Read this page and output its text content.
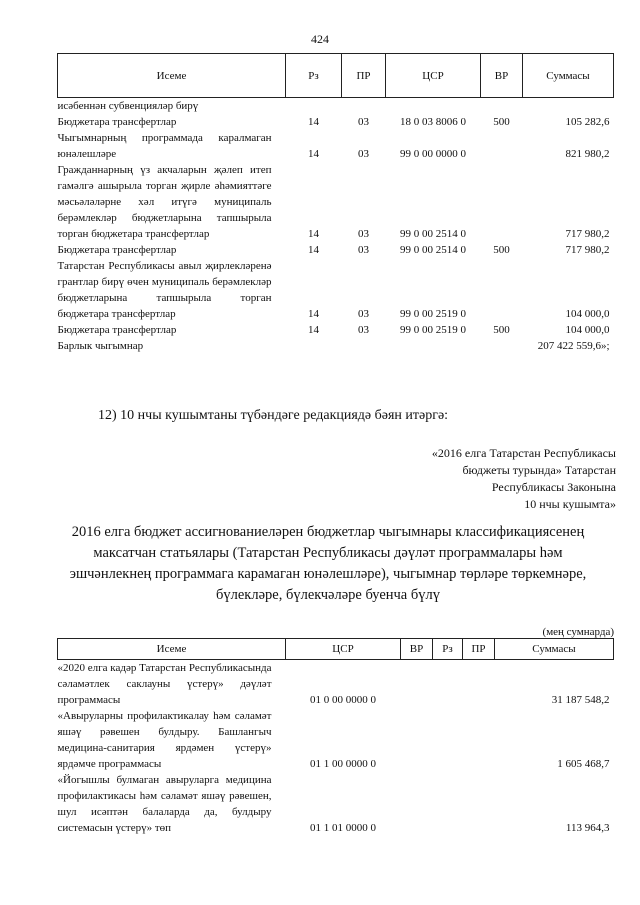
424
Исеме	Рз	ПР	ЦСР	ВР	Суммасы
исәбеннән субвенцияләр бирү					
Бюджетара трансфертлар	14	03	18 0 03 8006 0	500	105 282,6
Чыгымнарның программада каралмаган юнәлешләре	14	03	99 0 00 0000 0		821 980,2
Гражданнарның үз акчаларын җәлеп итеп гамәлгә ашырыла торган җирле әһәмияттәге мәсьәләләрне хәл итүгә муниципаль берәмлекләр бюджетларына тапшырыла торган бюджетара трансфертлар	14	03	99 0 00 2514 0		717 980,2
Бюджетара трансфертлар	14	03	99 0 00 2514 0	500	717 980,2
Татарстан Республикасы авыл җирлекләренә грантлар бирү өчен муниципаль берәмлекләр бюджетларына тапшырыла торган бюджетара трансфертлар	14	03	99 0 00 2519 0		104 000,0
Бюджетара трансфертлар	14	03	99 0 00 2519 0	500	104 000,0
Барлык чыгымнар					207 422 559,6»;
12) 10 нчы кушымтаны түбәндәге редакциядә бәян итәргә:
«2016 елга Татарстан Республикасы
бюджеты турында» Татарстан
Республикасы Законына
10 нчы кушымта»
2016 елга бюджет ассигнованиеләрен бюджетлар чыгымнары классификациясенең
максатчан статьялары (Татарстан Республикасы дәүләт программалары һәм
эшчәнлекнең программага карамаган юнәлешләре), чыгымнар төрләре төркемнәре,
бүлекләре, бүлекчәләре буенча бүлү
(мең сумнарда)
Исеме	ЦСР	ВР	Рз	ПР	Суммасы
«2020 елга кадәр Татарстан Республикасында сәламәтлек саклауны үстерү» дәүләт программасы	01 0 00 0000 0				31 187 548,2
«Авыруларны профилактикалау һәм сәламәт яшәү рәвешен булдыру. Башлангыч медицина-санитария ярдәмен үстерү» ярдәмче программасы	01 1 00 0000 0				1 605 468,7
«Йогышлы булмаган авыруларга медицина профилактикасы һәм сәламәт яшәү рәвешен, шул исәптән балаларда да, булдыру системасын үстерү» төп	01 1 01 0000 0				113 964,3
